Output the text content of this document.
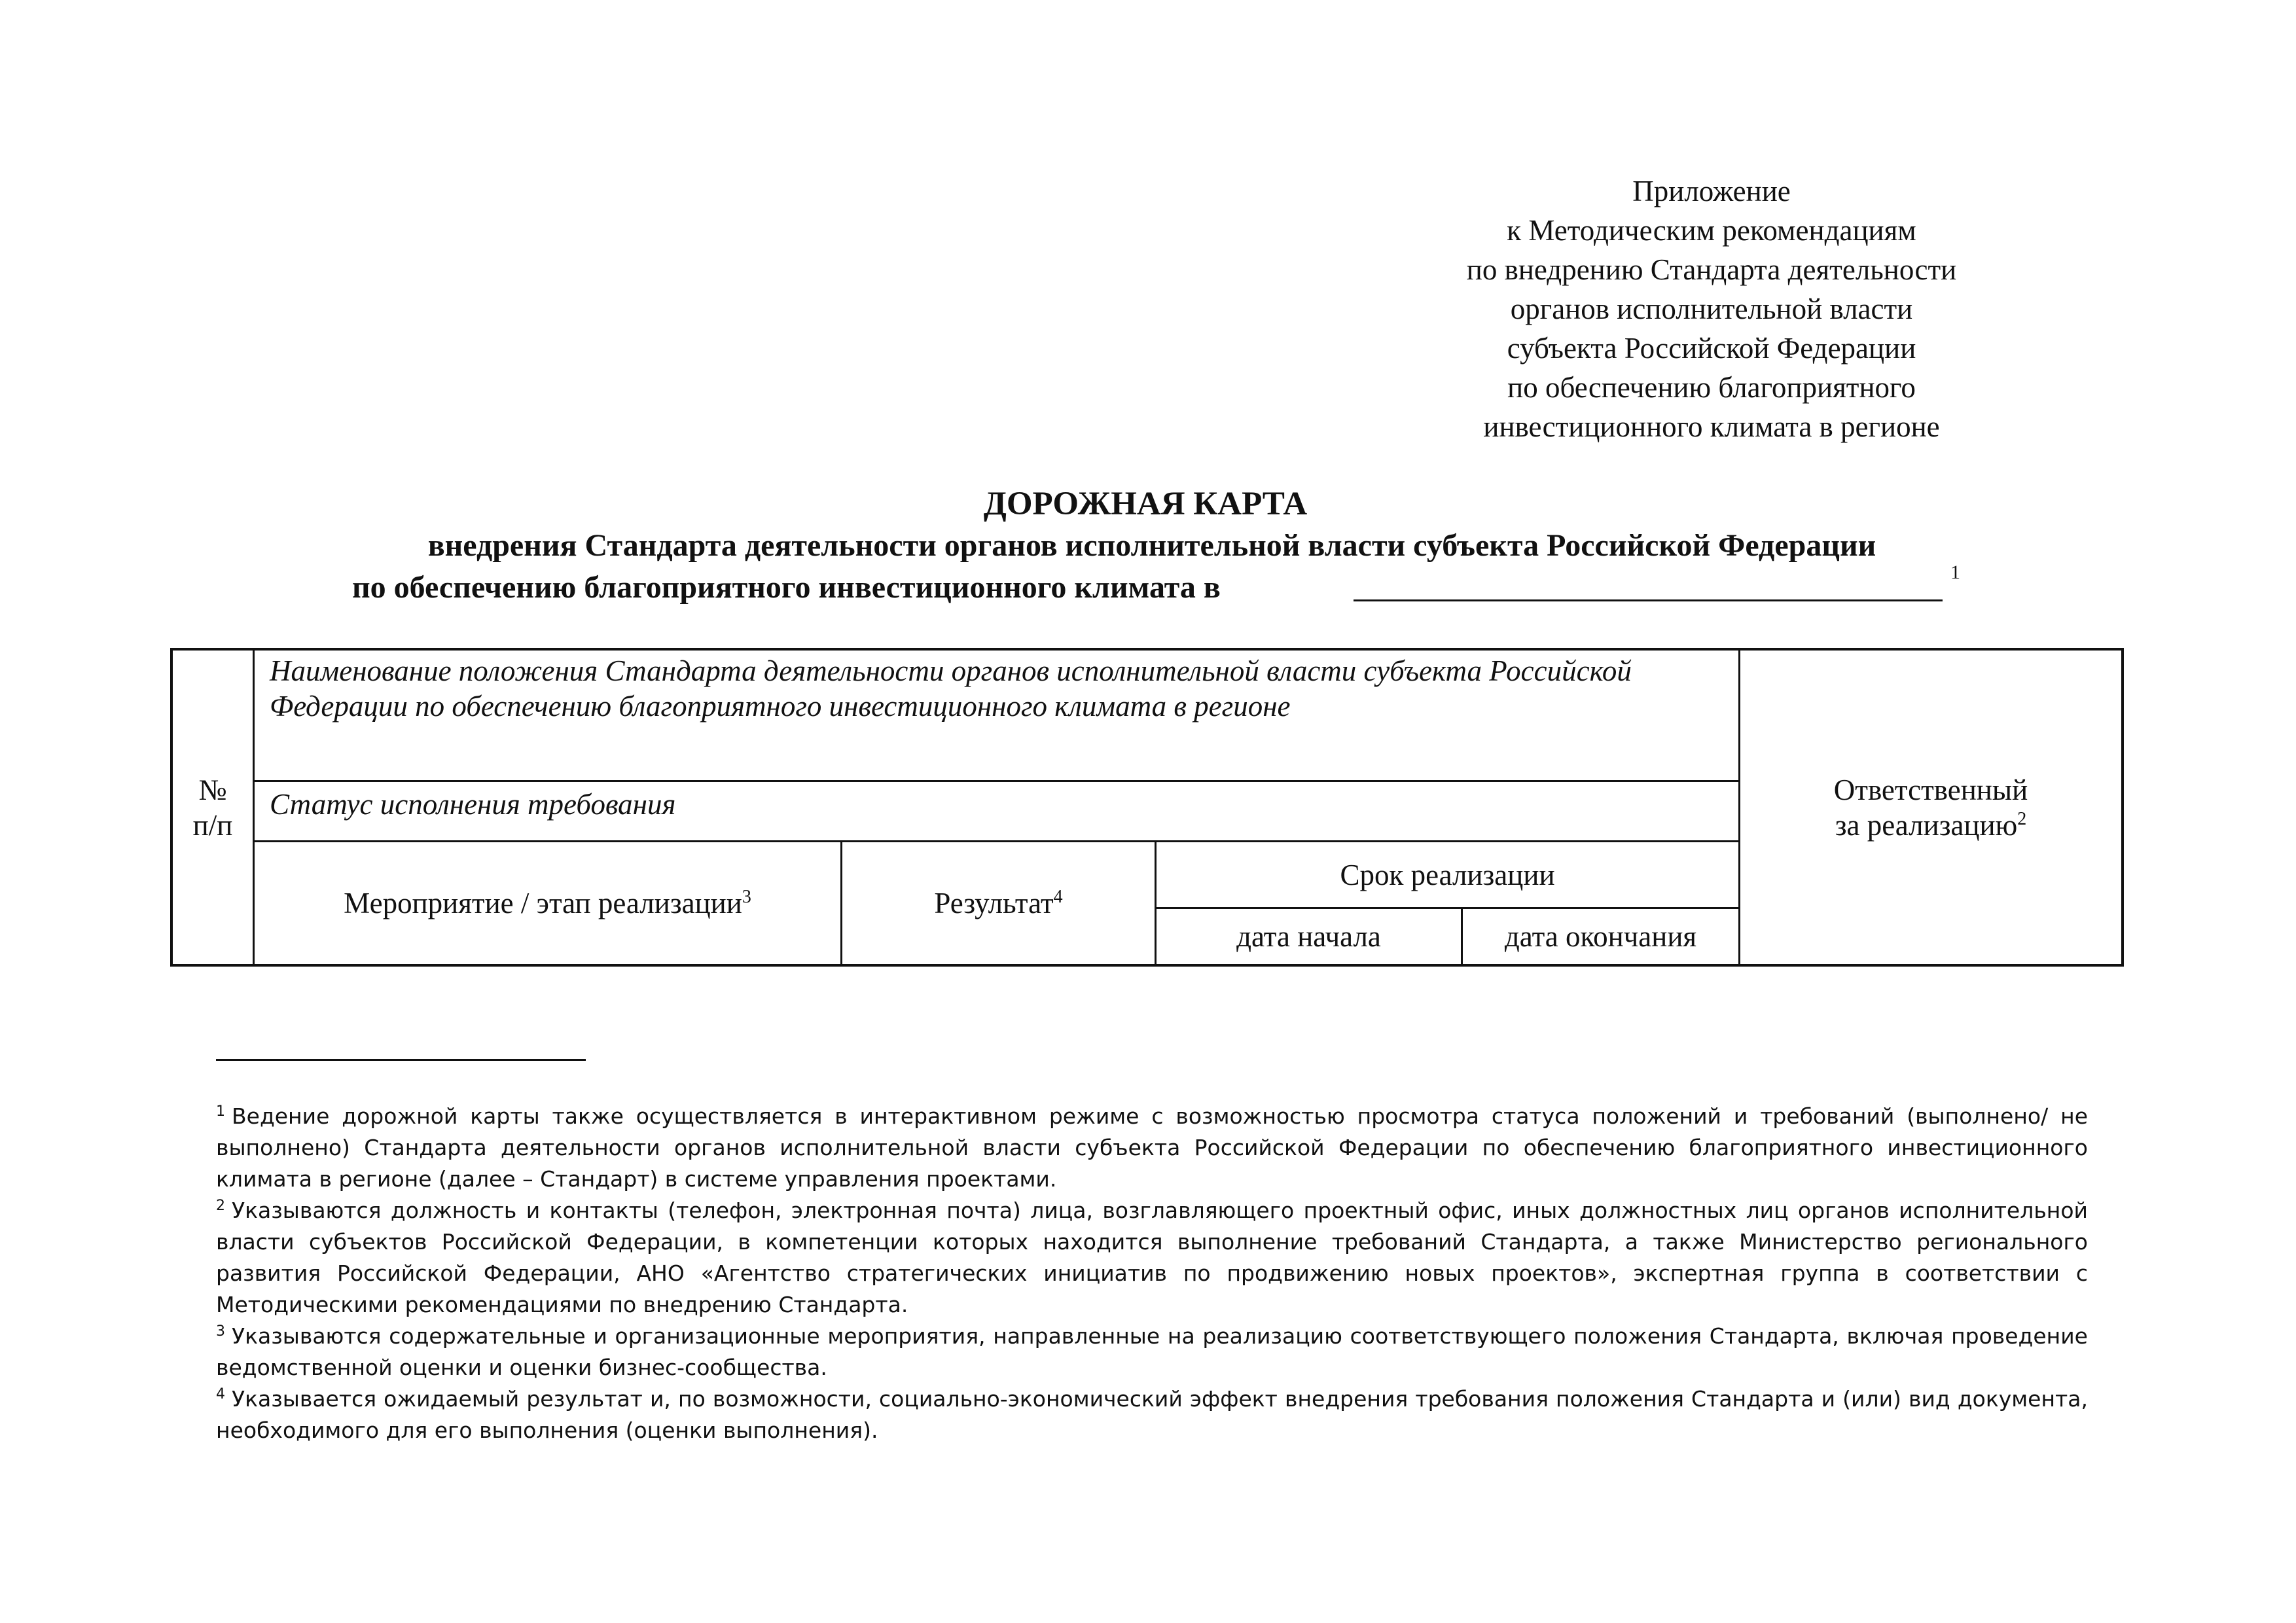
Приложение
к Методическим рекомендациям
по внедрению Стандарта деятельности
органов исполнительной власти
субъекта Российской Федерации
по обеспечению благоприятного
инвестиционного климата в регионе
ДОРОЖНАЯ КАРТА
внедрения Стандарта деятельности органов исполнительной власти субъекта Российской Федерации
по обеспечению благоприятного инвестиционного климата в	1
№
п/п
Наименование положения Стандарта деятельности органов исполнительной власти субъекта Российской Федерации по обеспечению благоприятного инвестиционного климата в регионе
Статус исполнения требования
Мероприятие / этап реализации$^3$	Результат$^4$
Срок реализации
дата начала	дата окончания
Ответственный
за реализацию$^2$

$^1$ Ведение дорожной карты также осуществляется в интерактивном режиме с возможностью просмотра статуса положений и требований (выполнено/ не выполнено) Стандарта деятельности органов исполнительной власти субъекта Российской Федерации по обеспечению благоприятного инвестиционного климата в регионе (далее – Стандарт) в системе управления проектами.

$^2$ Указываются должность и контакты (телефон, электронная почта) лица, возглавляющего проектный офис, иных должностных лиц органов исполнительной власти субъектов Российской Федерации, в компетенции которых находится выполнение требований Стандарта, а также Министерство регионального развития Российской Федерации, АНО «Агентство стратегических инициатив по продвижению новых проектов», экспертная группа в соответствии с Методическими рекомендациями по внедрению Стандарта.

$^3$ Указываются содержательные и организационные мероприятия, направленные на реализацию соответствующего положения Стандарта, включая проведение ведомственной оценки и оценки бизнес-сообщества.

$^4$ Указывается ожидаемый результат и, по возможности, социально-экономический эффект внедрения требования положения Стандарта и (или) вид документа, необходимого для его выполнения (оценки выполнения).
